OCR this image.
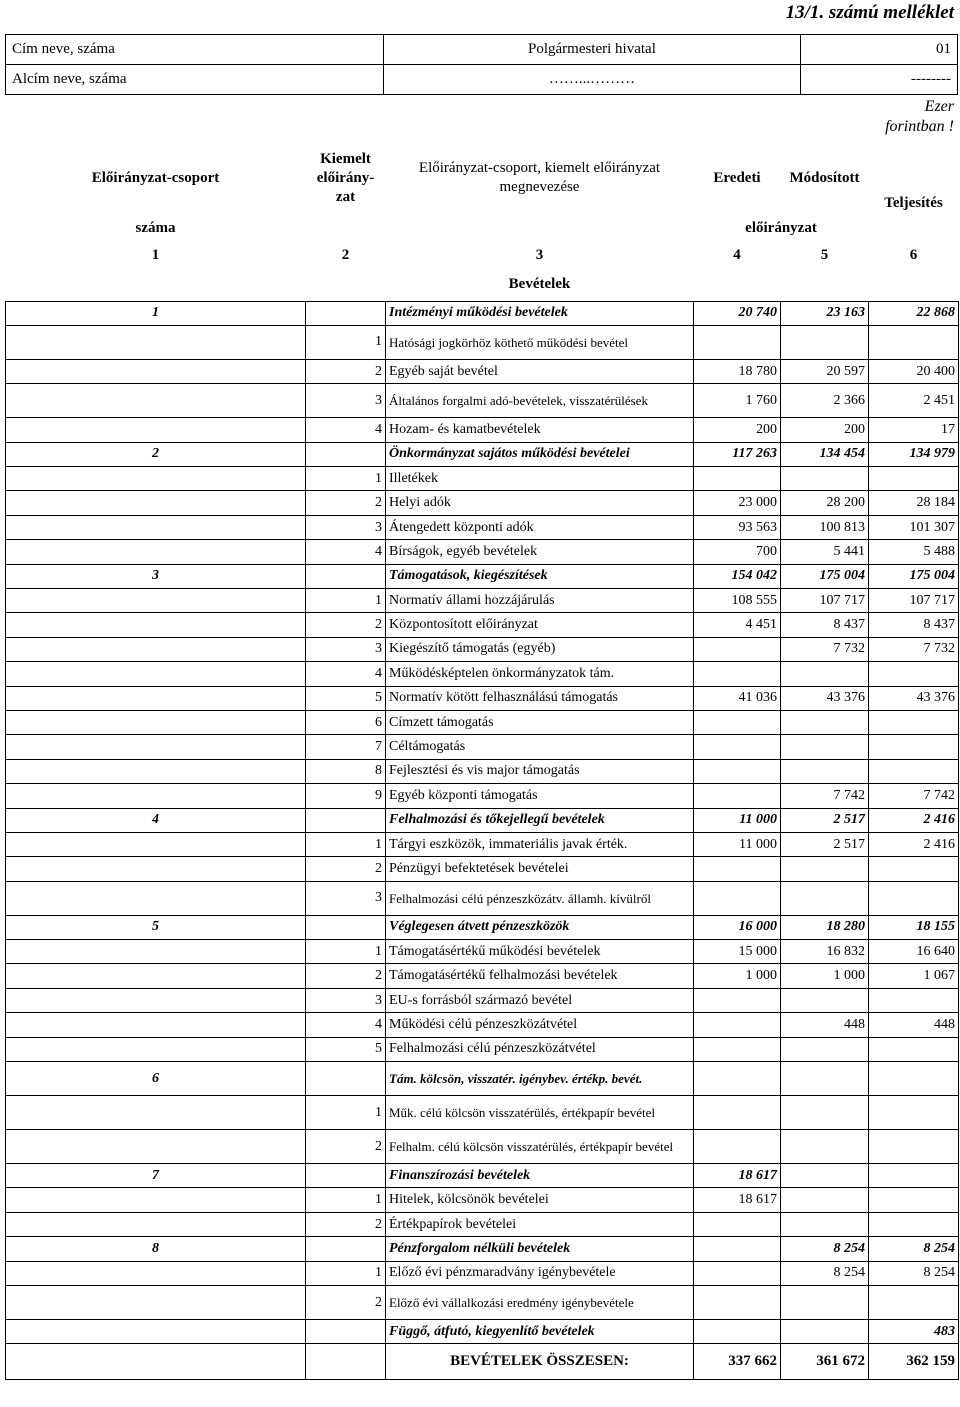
13/1. számú melléklet
Cím neve, száma	Polgármesteri hivatal	01
Alcím neve, száma	……...………	--------
Ezer
forintban !
Előirányzat-csoport	Kiemelt előirány-zat	Előirányzat-csoport, kiemelt előirányzat megnevezése	Eredeti	Módosított	Teljesítés
száma			előirányzat		
1	2	3	4	5	6
		Bevételek			
1		Intézményi működési bevételek	20 740	23 163	22 868
	1	Hatósági jogkörhöz köthető működési bevétel			
	2	Egyéb saját bevétel	18 780	20 597	20 400
	3	Általános forgalmi adó-bevételek, visszatérülések	1 760	2 366	2 451
	4	Hozam- és kamatbevételek	200	200	17
2		Önkormányzat sajátos működési bevételei	117 263	134 454	134 979
	1	Illetékek			
	2	Helyi adók	23 000	28 200	28 184
	3	Átengedett központi adók	93 563	100 813	101 307
	4	Bírságok, egyéb bevételek	700	5 441	5 488
3		Támogatások, kiegészítések	154 042	175 004	175 004
	1	Normatív állami hozzájárulás	108 555	107 717	107 717
	2	Központosított előirányzat	4 451	8 437	8 437
	3	Kiegészítő támogatás (egyéb)		7 732	7 732
	4	Működésképtelen önkormányzatok tám.			
	5	Normatív kötött felhasználású támogatás	41 036	43 376	43 376
	6	Címzett támogatás			
	7	Céltámogatás			
	8	Fejlesztési és vis major támogatás			
	9	Egyéb központi támogatás		7 742	7 742
4		Felhalmozási és tőkejellegű bevételek	11 000	2 517	2 416
	1	Tárgyi eszközök, immateriális javak érték.	11 000	2 517	2 416
	2	Pénzügyi befektetések bevételei			
	3	Felhalmozási célú pénzeszközátv. államh. kívülről			
5		Véglegesen átvett pénzeszközök	16 000	18 280	18 155
	1	Támogatásértékű működési bevételek	15 000	16 832	16 640
	2	Támogatásértékű felhalmozási bevételek	1 000	1 000	1 067
	3	EU-s forrásból származó bevétel			
	4	Működési célú pénzeszközátvétel		448	448
	5	Felhalmozási célú pénzeszközátvétel			
6		Tám. kölcsön, visszatér. igénybev. értékp. bevét.			
	1	Műk. célú kölcsön visszatérülés, értékpapír bevétel			
	2	Felhalm. célú kölcsön visszatérülés, értékpapír bevétel			
7		Finanszírozási bevételek	18 617		
	1	Hitelek, kölcsönök bevételei	18 617		
	2	Értékpapírok bevételei			
8		Pénzforgalom nélküli bevételek		8 254	8 254
	1	Előző évi pénzmaradvány igénybevétele		8 254	8 254
	2	Előző évi vállalkozási eredmény igénybevétele			
		Függő, átfutó, kiegyenlítő bevételek			483
		BEVÉTELEK ÖSSZESEN:	337 662	361 672	362 159
